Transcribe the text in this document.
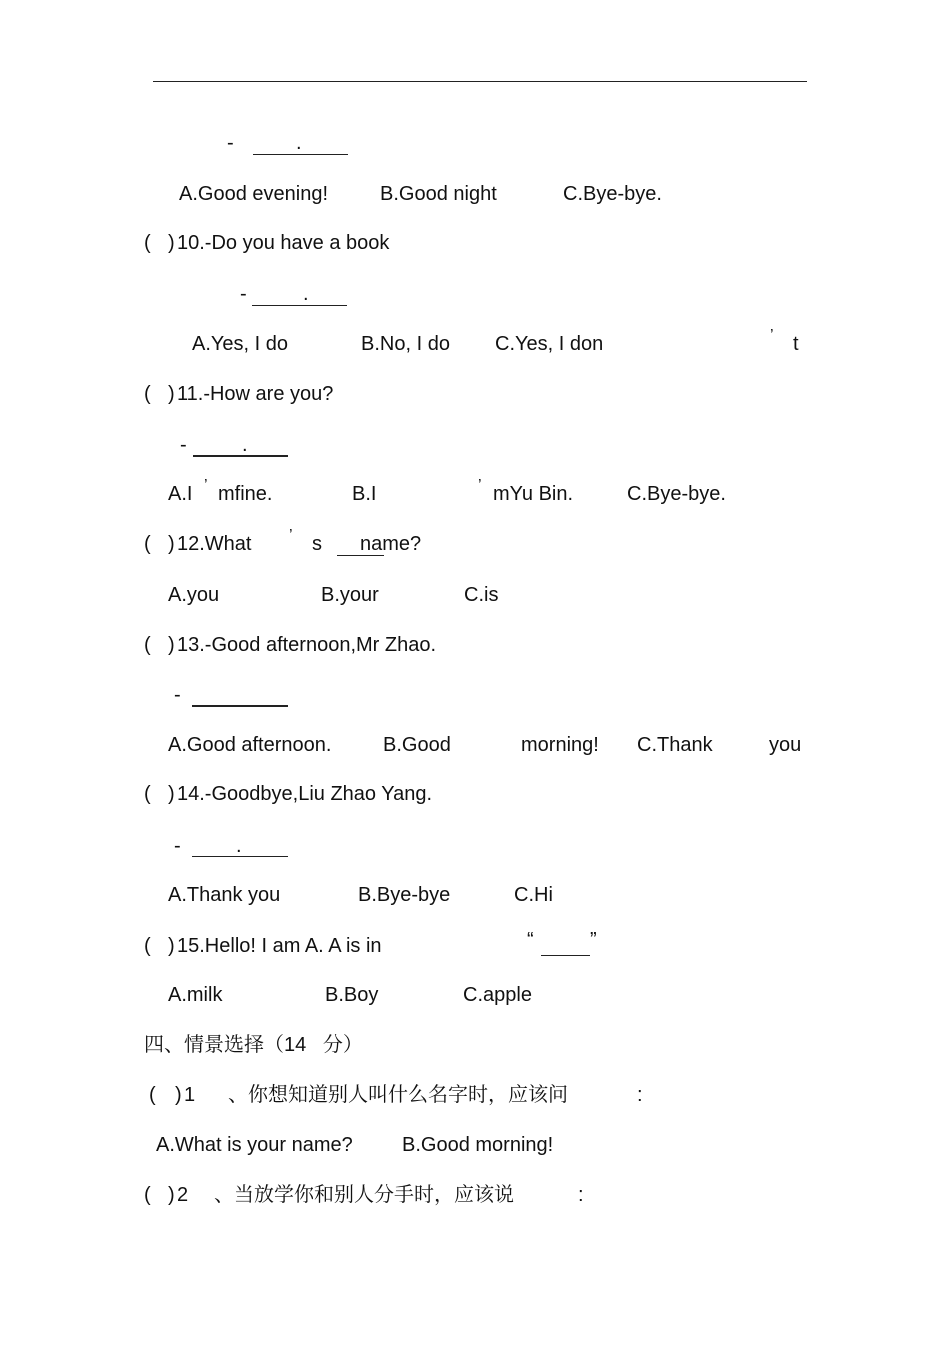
-	.
A.Good evening!	B.Good night	C.Bye-bye.
( ) 10.-Do you have a book
-	.
A.Yes, I do	B.No, I do C.Yes, I don	’ t
( ) 11.-How are you?
-	.
A.I ’ mfine.	B.I	’ mYu Bin.	C.Bye-bye.
( ) 12.What ’ s name?
A.you	B.your	C.is
( ) 13.-Good afternoon,Mr Zhao.
-
A.Good afternoon.	B.Good	morning! C.Thank	you
( ) 14.-Goodbye,Liu Zhao Yang.
-	.
A.Thank you	B.Bye-bye	C.Hi
( ) 15.Hello! I am A. A is in	“	”
A.milk	B.Boy	C.apple
四、情景选择（14   分）
( ) 1 、你想知道别人叫什么名字时，应该问	:
A.What is your name? B.Good morning!
( ) 2 、当放学你和别人分手时，应该说	:
